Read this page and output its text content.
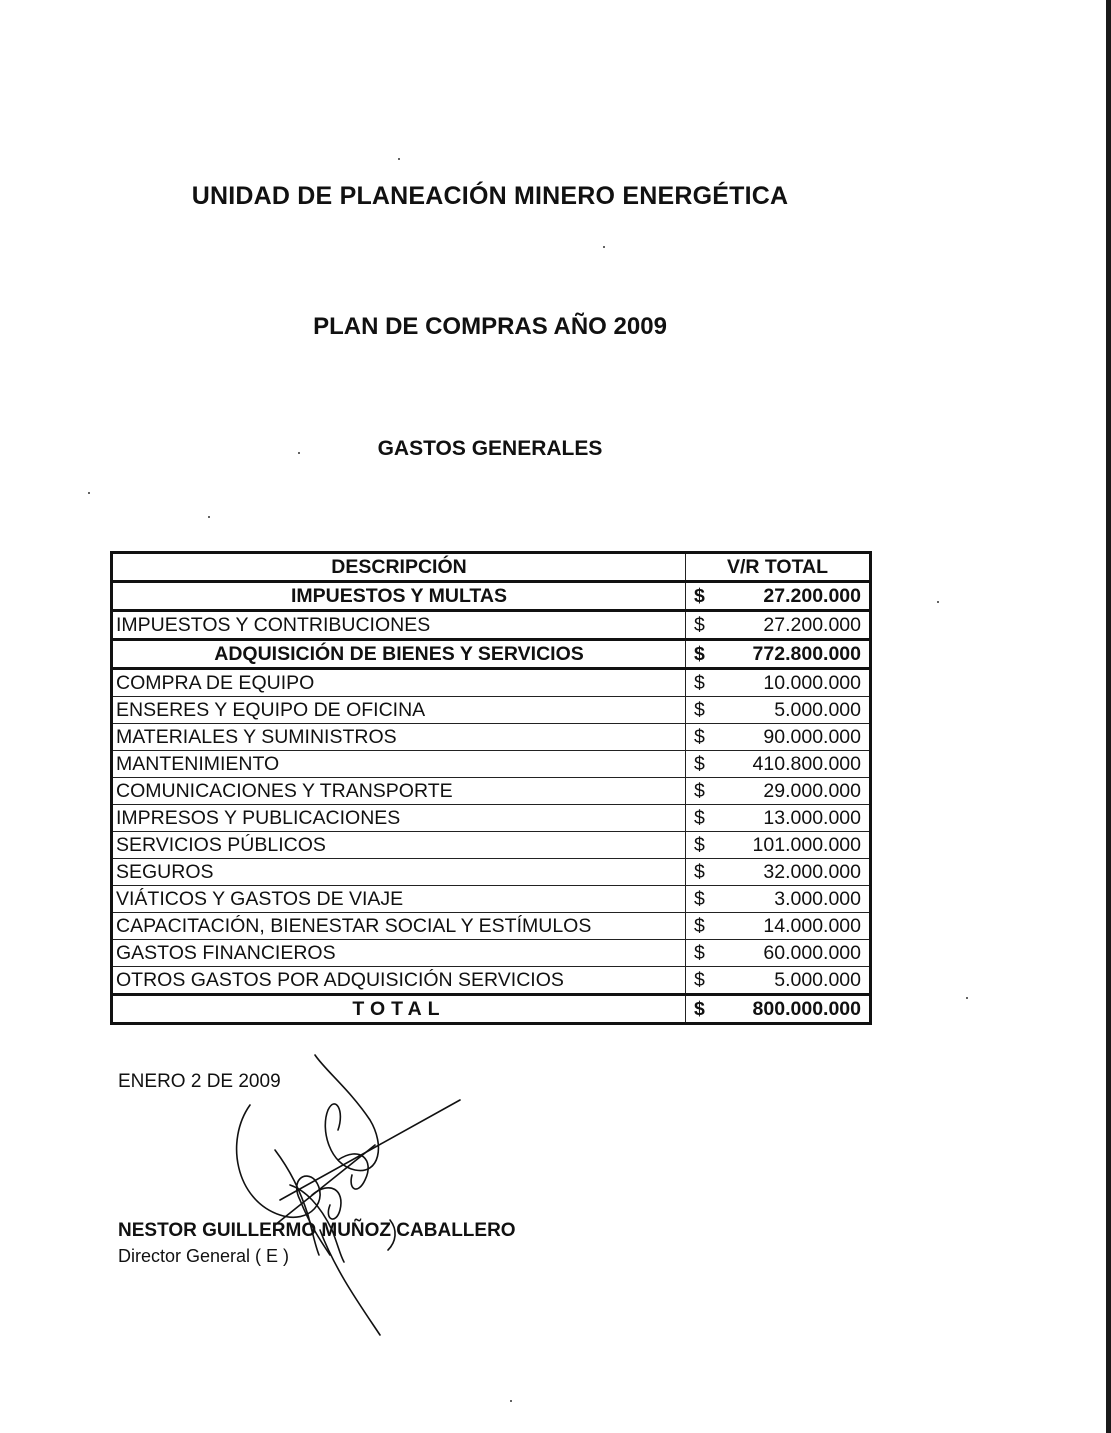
UNIDAD DE PLANEACIÓN MINERO ENERGÉTICA
PLAN DE COMPRAS AÑO 2009
GASTOS GENERALES
DESCRIPCIÓN	V/R TOTAL	
IMPUESTOS Y MULTAS	$	27.200.000
IMPUESTOS Y CONTRIBUCIONES	$	27.200.000
ADQUISICIÓN DE BIENES Y SERVICIOS	$	772.800.000
COMPRA DE EQUIPO	$	10.000.000
ENSERES Y EQUIPO DE OFICINA	$	5.000.000
MATERIALES Y SUMINISTROS	$	90.000.000
MANTENIMIENTO	$	410.800.000
COMUNICACIONES Y TRANSPORTE	$	29.000.000
IMPRESOS Y PUBLICACIONES	$	13.000.000
SERVICIOS PÚBLICOS	$	101.000.000
SEGUROS	$	32.000.000
VIÁTICOS Y GASTOS DE VIAJE	$	3.000.000
CAPACITACIÓN, BIENESTAR SOCIAL Y ESTÍMULOS	$	14.000.000
GASTOS FINANCIEROS	$	60.000.000
OTROS GASTOS POR ADQUISICIÓN SERVICIOS	$	5.000.000
TOTAL	$	800.000.000
ENERO 2 DE 2009
NESTOR GUILLERMO MUÑOZ CABALLERO
Director General ( E )
